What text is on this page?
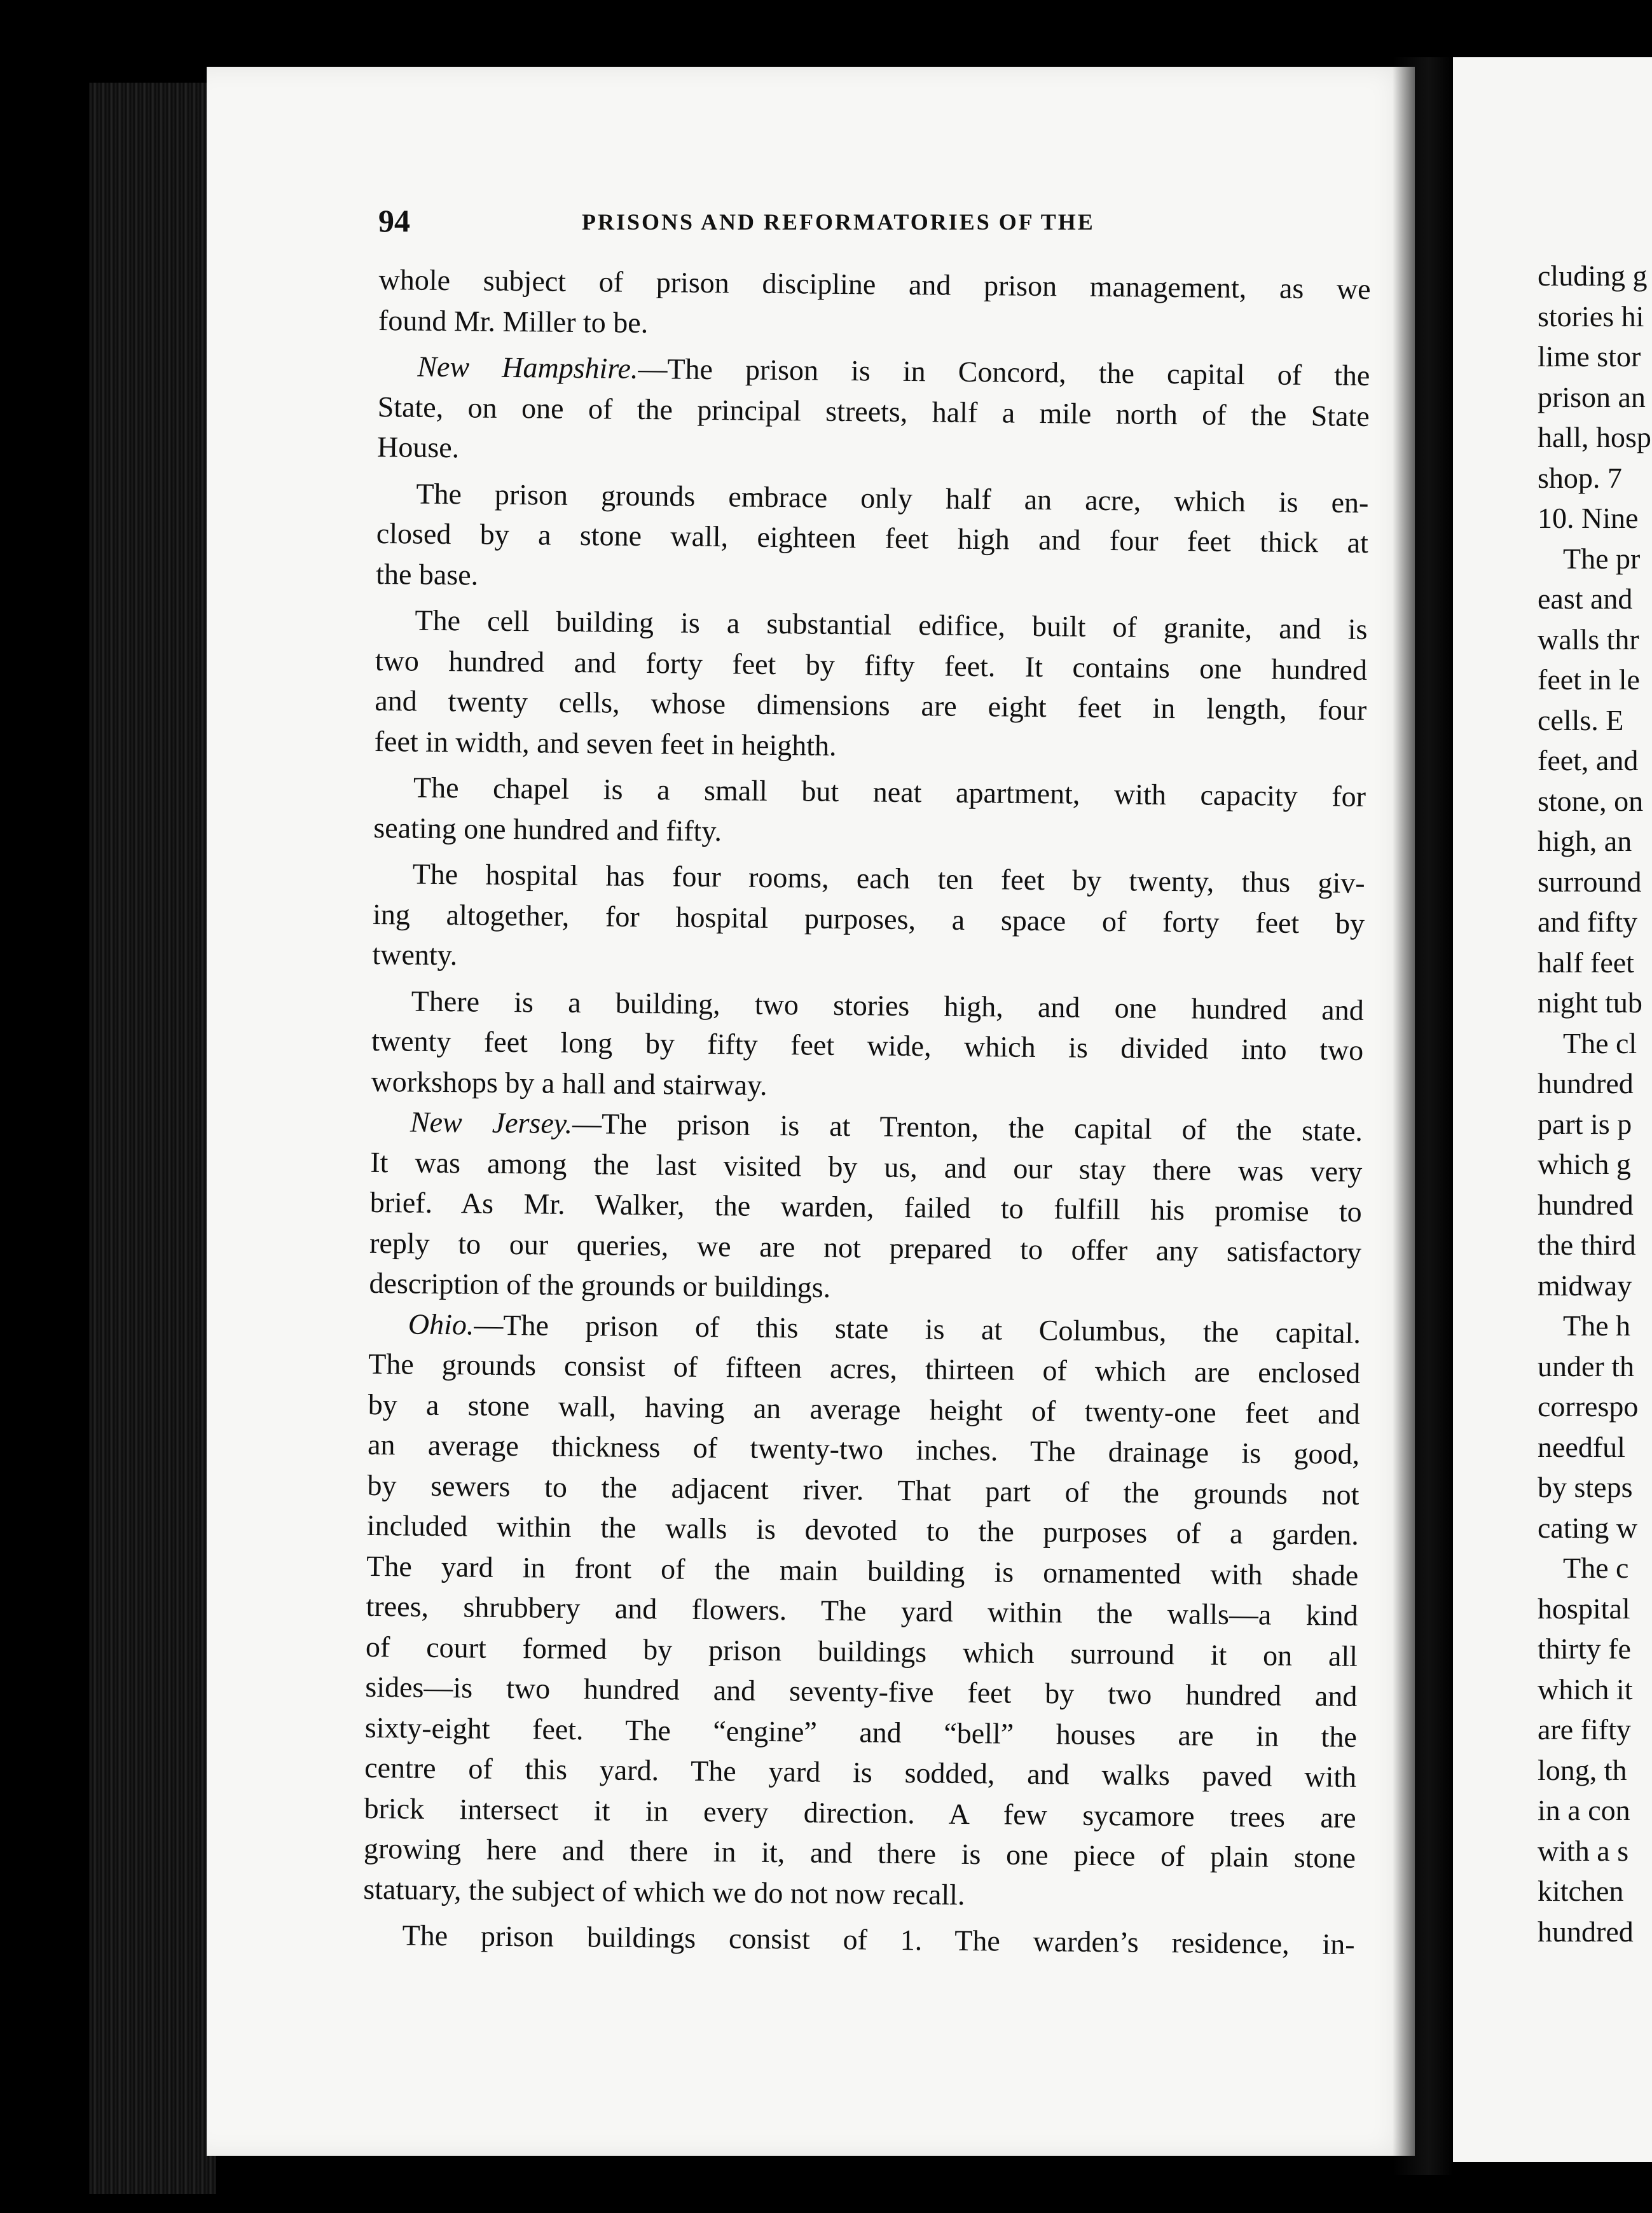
94	PRISONS AND REFORMATORIES OF THE
whole subject of prison discipline and prison management, as we
found Mr. Miller to be.
New Hampshire.—The prison is in Concord, the capital of the
State, on one of the principal streets, half a mile north of the State
House.
The prison grounds embrace only half an acre, which is en-
closed by a stone wall, eighteen feet high and four feet thick at
the base.
The cell building is a substantial edifice, built of granite, and is
two hundred and forty feet by fifty feet. It contains one hundred
and twenty cells, whose dimensions are eight feet in length, four
feet in width, and seven feet in heighth.
The chapel is a small but neat apartment, with capacity for
seating one hundred and fifty.
The hospital has four rooms, each ten feet by twenty, thus giv-
ing altogether, for hospital purposes, a space of forty feet by
twenty.
There is a building, two stories high, and one hundred and
twenty feet long by fifty feet wide, which is divided into two
workshops by a hall and stairway.
New Jersey.—The prison is at Trenton, the capital of the state.
It was among the last visited by us, and our stay there was very
brief. As Mr. Walker, the warden, failed to fulfill his promise to
reply to our queries, we are not prepared to offer any satisfactory
description of the grounds or buildings.
Ohio.—The prison of this state is at Columbus, the capital.
The grounds consist of fifteen acres, thirteen of which are enclosed
by a stone wall, having an average height of twenty-one feet and
an average thickness of twenty-two inches. The drainage is good,
by sewers to the adjacent river. That part of the grounds not
included within the walls is devoted to the purposes of a garden.
The yard in front of the main building is ornamented with shade
trees, shrubbery and flowers. The yard within the walls—a kind
of court formed by prison buildings which surround it on all
sides—is two hundred and seventy-five feet by two hundred and
sixty-eight feet. The “engine” and “bell” houses are in the
centre of this yard. The yard is sodded, and walks paved with
brick intersect it in every direction. A few sycamore trees are
growing here and there in it, and there is one piece of plain stone
statuary, the subject of which we do not now recall.
The prison buildings consist of 1. The warden’s residence, in-
cluding g
stories hi
lime stor
prison an
hall, hosp
shop. 7
10. Nine
The pr
east and
walls thr
feet in le
cells. E
feet, and
stone, on
high, an
surround
and fifty
half feet
night tub
The cl
hundred
part is p
which g
hundred
the third
midway
The h
under th
correspo
needful
by steps
cating w
The c
hospital
thirty fe
which it
are fifty
long, th
in a con
with a s
kitchen
hundred
